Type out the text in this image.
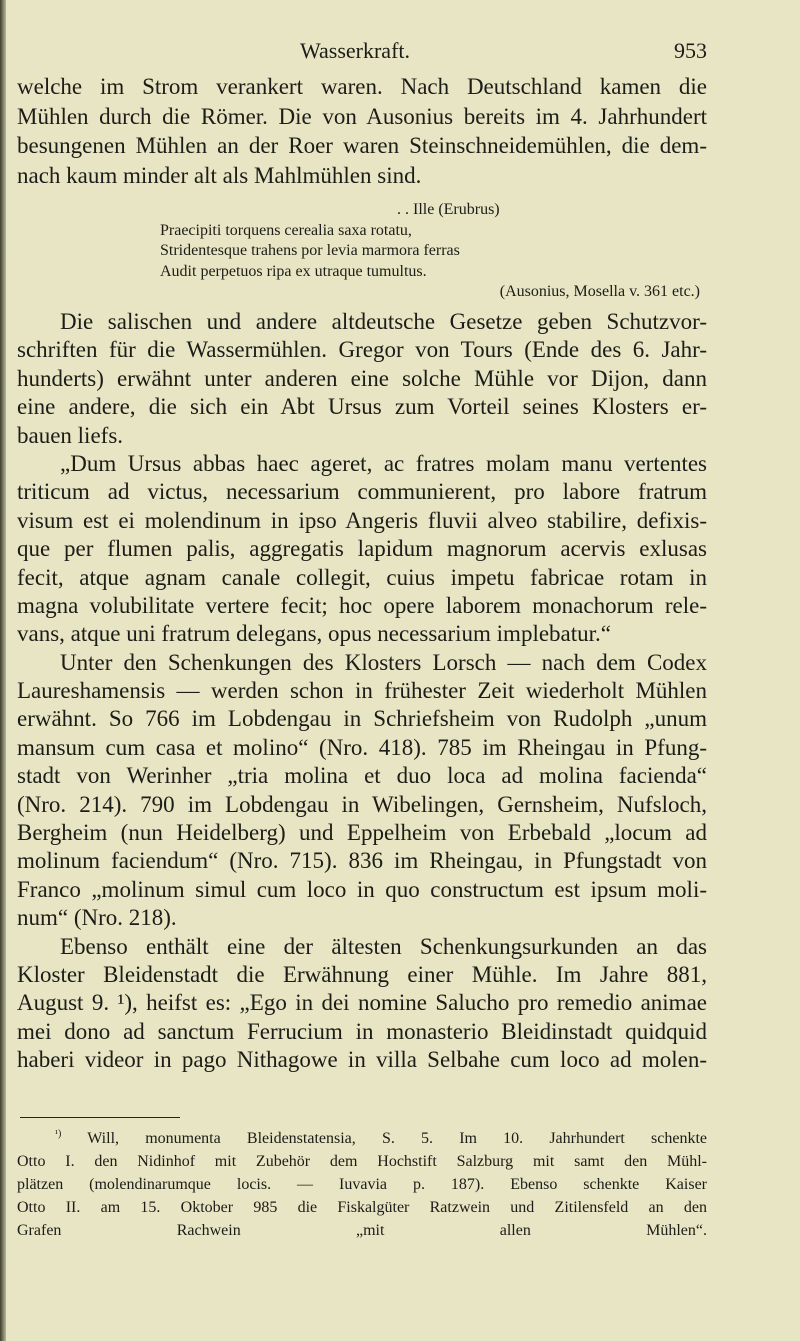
Wasserkraft.	953
welche im Strom verankert waren. Nach Deutschland kamen die
Mühlen durch die Römer. Die von Ausonius bereits im 4. Jahrhundert
besungenen Mühlen an der Roer waren Steinschneidemühlen, die dem-
nach kaum minder alt als Mahlmühlen sind.
. . Ille (Erubrus)
Praecipiti torquens cerealia saxa rotatu,
Stridentesque trahens por levia marmora ferras
Audit perpetuos ripa ex utraque tumultus.
(Ausonius, Mosella v. 361 etc.)
Die salischen und andere altdeutsche Gesetze geben Schutzvor-
schriften für die Wassermühlen. Gregor von Tours (Ende des 6. Jahr-
hunderts) erwähnt unter anderen eine solche Mühle vor Dijon, dann
eine andere, die sich ein Abt Ursus zum Vorteil seines Klosters er-
bauen liefs.
„Dum Ursus abbas haec ageret, ac fratres molam manu vertentes
triticum ad victus, necessarium communierent, pro labore fratrum
visum est ei molendinum in ipso Angeris fluvii alveo stabilire, defixis-
que per flumen palis, aggregatis lapidum magnorum acervis exlusas
fecit, atque agnam canale collegit, cuius impetu fabricae rotam in
magna volubilitate vertere fecit; hoc opere laborem monachorum rele-
vans, atque uni fratrum delegans, opus necessarium implebatur.“
Unter den Schenkungen des Klosters Lorsch — nach dem Codex
Laureshamensis — werden schon in frühester Zeit wiederholt Mühlen
erwähnt. So 766 im Lobdengau in Schriefsheim von Rudolph „unum
mansum cum casa et molino“ (Nro. 418). 785 im Rheingau in Pfung-
stadt von Werinher „tria molina et duo loca ad molina facienda“
(Nro. 214). 790 im Lobdengau in Wibelingen, Gernsheim, Nufsloch,
Bergheim (nun Heidelberg) und Eppelheim von Erbebald „locum ad
molinum faciendum“ (Nro. 715). 836 im Rheingau, in Pfungstadt von
Franco „molinum simul cum loco in quo constructum est ipsum moli-
num“ (Nro. 218).
Ebenso enthält eine der ältesten Schenkungsurkunden an das
Kloster Bleidenstadt die Erwähnung einer Mühle. Im Jahre 881,
August 9. ¹), heifst es: „Ego in dei nomine Salucho pro remedio animae
mei dono ad sanctum Ferrucium in monasterio Bleidinstadt quidquid
haberi videor in pago Nithagowe in villa Selbahe cum loco ad molen-
$^{^1)}$ Will, monumenta Bleidenstatensia, S. 5. Im 10. Jahrhundert schenkte
Otto I. den Nidinhof mit Zubehör dem Hochstift Salzburg mit samt den Mühl-
plätzen (molendinarumque locis. — Iuvavia p. 187). Ebenso schenkte Kaiser
Otto II. am 15. Oktober 985 die Fiskalgüter Ratzwein und Zitilensfeld an den
Grafen Rachwein „mit allen Mühlen“.
